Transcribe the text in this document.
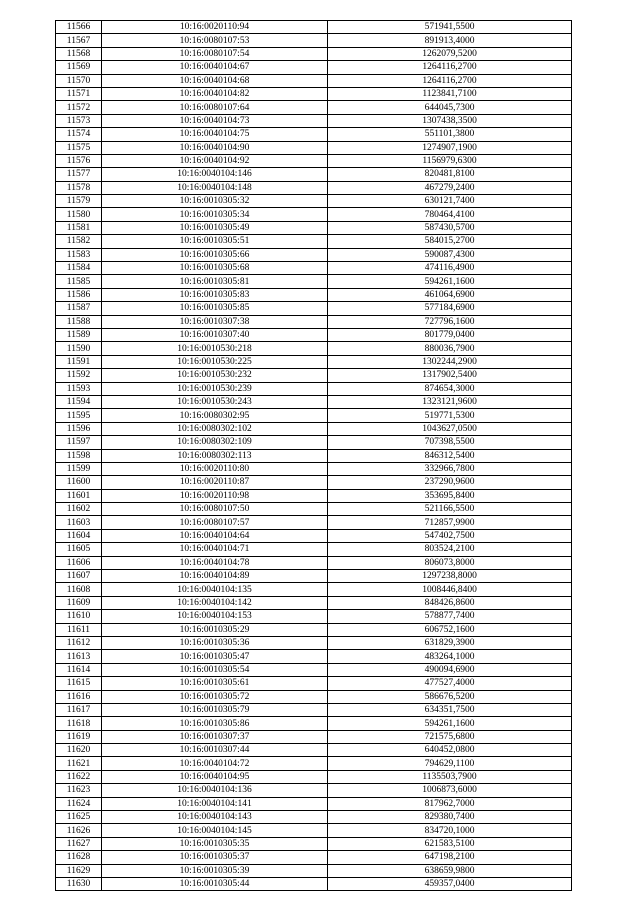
11566	10:16:0020110:94	571941,5500
11567	10:16:0080107:53	891913,4000
11568	10:16:0080107:54	1262079,5200
11569	10:16:0040104:67	1264116,2700
11570	10:16:0040104:68	1264116,2700
11571	10:16:0040104:82	1123841,7100
11572	10:16:0080107:64	644045,7300
11573	10:16:0040104:73	1307438,3500
11574	10:16:0040104:75	551101,3800
11575	10:16:0040104:90	1274907,1900
11576	10:16:0040104:92	1156979,6300
11577	10:16:0040104:146	820481,8100
11578	10:16:0040104:148	467279,2400
11579	10:16:0010305:32	630121,7400
11580	10:16:0010305:34	780464,4100
11581	10:16:0010305:49	587430,5700
11582	10:16:0010305:51	584015,2700
11583	10:16:0010305:66	590087,4300
11584	10:16:0010305:68	474116,4900
11585	10:16:0010305:81	594261,1600
11586	10:16:0010305:83	461064,6900
11587	10:16:0010305:85	577184,6900
11588	10:16:0010307:38	727796,1600
11589	10:16:0010307:40	801779,0400
11590	10:16:0010530:218	880036,7900
11591	10:16:0010530:225	1302244,2900
11592	10:16:0010530:232	1317902,5400
11593	10:16:0010530:239	874654,3000
11594	10:16:0010530:243	1323121,9600
11595	10:16:0080302:95	519771,5300
11596	10:16:0080302:102	1043627,0500
11597	10:16:0080302:109	707398,5500
11598	10:16:0080302:113	846312,5400
11599	10:16:0020110:80	332966,7800
11600	10:16:0020110:87	237290,9600
11601	10:16:0020110:98	353695,8400
11602	10:16:0080107:50	521166,5500
11603	10:16:0080107:57	712857,9900
11604	10:16:0040104:64	547402,7500
11605	10:16:0040104:71	803524,2100
11606	10:16:0040104:78	806073,8000
11607	10:16:0040104:89	1297238,8000
11608	10:16:0040104:135	1008446,8400
11609	10:16:0040104:142	848426,8600
11610	10:16:0040104:153	578877,7400
11611	10:16:0010305:29	606752,1600
11612	10:16:0010305:36	631829,3900
11613	10:16:0010305:47	483264,1000
11614	10:16:0010305:54	490094,6900
11615	10:16:0010305:61	477527,4000
11616	10:16:0010305:72	586676,5200
11617	10:16:0010305:79	634351,7500
11618	10:16:0010305:86	594261,1600
11619	10:16:0010307:37	721575,6800
11620	10:16:0010307:44	640452,0800
11621	10:16:0040104:72	794629,1100
11622	10:16:0040104:95	1135503,7900
11623	10:16:0040104:136	1006873,6000
11624	10:16:0040104:141	817962,7000
11625	10:16:0040104:143	829380,7400
11626	10:16:0040104:145	834720,1000
11627	10:16:0010305:35	621583,5100
11628	10:16:0010305:37	647198,2100
11629	10:16:0010305:39	638659,9800
11630	10:16:0010305:44	459357,0400
